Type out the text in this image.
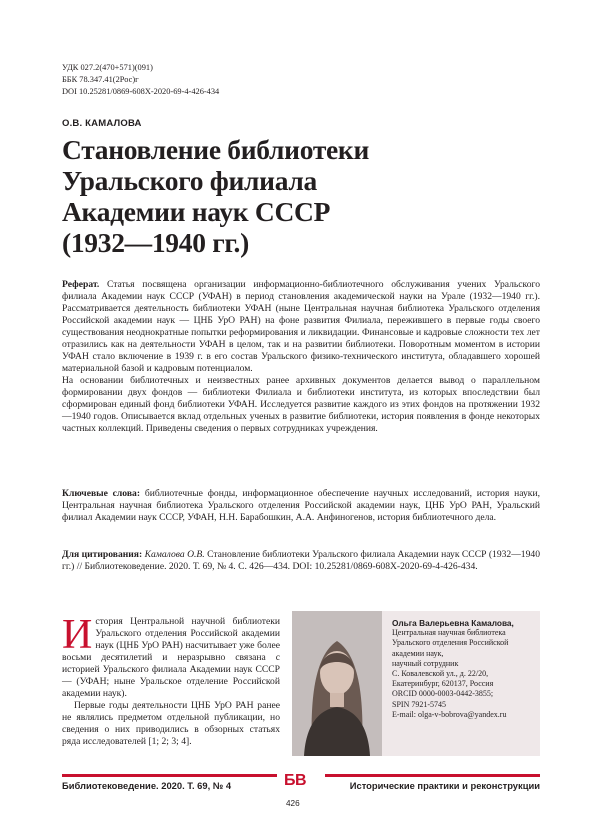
УДК 027.2(470+571)(091)
ББК 78.347.41(2Рос)г
DOI 10.25281/0869-608X-2020-69-4-426-434
О.В. КАМАЛОВА
Становление библиотеки
Уральского филиала
Академии наук СССР
(1932—1940 гг.)

Реферат. Статья посвящена организации информационно-библиотечного обслуживания учених Уральского филиала Академии наук СССР (УФАН) в период становления академической науки на Урале (1932—1940 гг.). Рассматривается деятельность библиотеки УФАН (ныне Центральная научная библиотека Уральского отделения Российской академии наук — ЦНБ УрО РАН) на фоне развития Филиала, пережившего в первые годы своего существования неоднократные попытки реформирования и ликвидации. Финансовые и кадровые сложности тех лет отразились как на деятельности УФАН в целом, так и на развитии библиотеки. Поворотным моментом в истории УФАН стало включение в 1939 г. в его состав Уральского физико-технического института, обладавшего хорошей материальной базой и кадровым потенциалом.

На основании библиотечных и неизвестных ранее архивных документов делается вывод о параллельном формировании двух фондов — библиотеки Филиала и библиотеки института, из которых впоследствии был сформирован единый фонд библиотеки УФАН. Исследуется развитие каждого из этих фондов на протяжении 1932—1940 годов. Описывается вклад отдельных ученых в развитие библиотеки, история появления в фонде некоторых частных коллекций. Приведены сведения о первых сотрудниках учреждения.

Ключевые слова: библиотечные фонды, информационное обеспечение научных исследований, история науки, Центральная научная библиотека Уральского отделения Российской академии наук, ЦНБ УрО РАН, Уральский филиал Академии наук СССР, УФАН, Н.Н. Барабошкин, А.А. Анфиногенов, история библиотечного дела.
Для цитирования: Камалова О.В. Становление библиотеки Уральского филиала Академии наук СССР (1932—1940 гг.) // Библиотековедение. 2020. Т. 69, № 4. С. 426—434. DOI: 10.25281/0869-608X-2020-69-4-426-434.

История Центральной научной библиотеки Уральского отделения Российской академии наук (ЦНБ УрО РАН) насчитывает уже более восьми десятилетий и неразрывно связана с историей Уральского филиала Академии наук СССР — (УФАН; ныне Уральское отделение Российской академии наук).

Первые годы деятельности ЦНБ УрО РАН ранее не являлись предметом отдельной публикации, но сведения о них приводились в обзорных статьях ряда исследователей [1; 2; 3; 4].

Ольга Валерьевна Камалова,
Центральная научная библиотека Уральского отделения Российской академии наук,
научный сотрудник
С. Ковалевской ул., д. 22/20, Екатеринбург, 620137, Россия
ORCID 0000-0003-0442-3855;
SPIN 7921-5745
E-mail: olga-v-bobrova@yandex.ru
Библиотековедение. 2020. Т. 69, № 4	БВ	Исторические практики и реконструкции
426
